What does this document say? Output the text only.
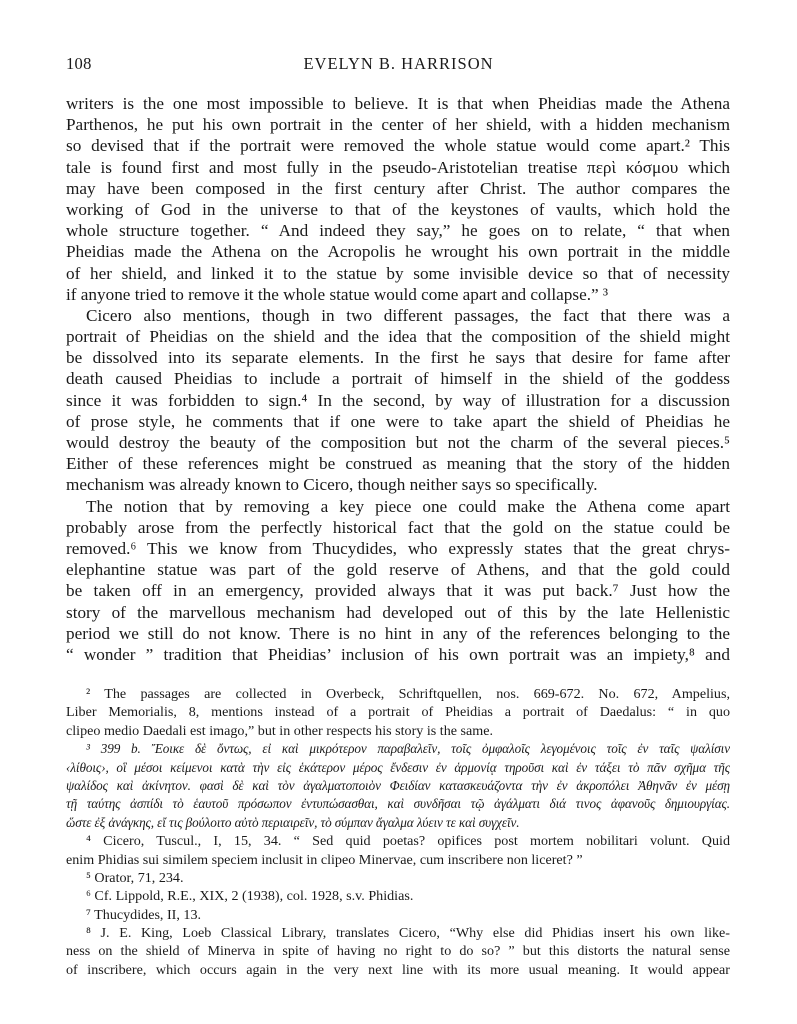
108	EVELYN B. HARRISON
writers is the one most impossible to believe. It is that when Pheidias made the Athena
Parthenos, he put his own portrait in the center of her shield, with a hidden mechanism
so devised that if the portrait were removed the whole statue would come apart.² This
tale is found first and most fully in the pseudo-Aristotelian treatise περὶ κόσμου which
may have been composed in the first century after Christ. The author compares the
working of God in the universe to that of the keystones of vaults, which hold the
whole structure together. “ And indeed they say,” he goes on to relate, “ that when
Pheidias made the Athena on the Acropolis he wrought his own portrait in the middle
of her shield, and linked it to the statue by some invisible device so that of necessity
if anyone tried to remove it the whole statue would come apart and collapse.” ³
Cicero also mentions, though in two different passages, the fact that there was a
portrait of Pheidias on the shield and the idea that the composition of the shield might
be dissolved into its separate elements. In the first he says that desire for fame after
death caused Pheidias to include a portrait of himself in the shield of the goddess
since it was forbidden to sign.⁴ In the second, by way of illustration for a discussion
of prose style, he comments that if one were to take apart the shield of Pheidias he
would destroy the beauty of the composition but not the charm of the several pieces.⁵
Either of these references might be construed as meaning that the story of the hidden
mechanism was already known to Cicero, though neither says so specifically.
The notion that by removing a key piece one could make the Athena come apart
probably arose from the perfectly historical fact that the gold on the statue could be
removed.⁶ This we know from Thucydides, who expressly states that the great chrys-
elephantine statue was part of the gold reserve of Athens, and that the gold could
be taken off in an emergency, provided always that it was put back.⁷ Just how the
story of the marvellous mechanism had developed out of this by the late Hellenistic
period we still do not know. There is no hint in any of the references belonging to the
“ wonder ” tradition that Pheidias’ inclusion of his own portrait was an impiety,⁸ and
² The passages are collected in Overbeck, Schriftquellen, nos. 669-672. No. 672, Ampelius,
Liber Memorialis, 8, mentions instead of a portrait of Pheidias a portrait of Daedalus: “ in quo
clipeo medio Daedali est imago,” but in other respects his story is the same.
³ 399 b. Ἔοικε δὲ ὄντως, εἰ καὶ μικρότερον παραβαλεῖν, τοῖς ὀμφαλοῖς λεγομένοις τοῖς ἐν ταῖς ψαλίσιν
‹λίθοις›, οἳ μέσοι κείμενοι κατὰ τὴν εἰς ἑκάτερον μέρος ἔνδεσιν ἐν ἁρμονίᾳ τηροῦσι καὶ ἐν τάξει τὸ πᾶν σχῆμα τῆς
ψαλίδος καὶ ἀκίνητον. φασὶ δὲ καὶ τὸν ἀγαλματοποιὸν Φειδίαν κατασκευάζοντα τὴν ἐν ἀκροπόλει Ἀθηνᾶν ἐν μέσῃ
τῇ ταύτης ἀσπίδι τὸ ἑαυτοῦ πρόσωπον ἐντυπώσασθαι, καὶ συνδῆσαι τῷ ἀγάλματι διά τινος ἀφανοῦς δημιουργίας.
ὥστε ἐξ ἀνάγκης, εἴ τις βούλοιτο αὐτὸ περιαιρεῖν, τὸ σύμπαν ἄγαλμα λύειν τε καὶ συγχεῖν.
⁴ Cicero, Tuscul., I, 15, 34. “ Sed quid poetas? opifices post mortem nobilitari volunt. Quid
enim Phidias sui similem speciem inclusit in clipeo Minervae, cum inscribere non liceret? ”
⁵ Orator, 71, 234.
⁶ Cf. Lippold, R.E., XIX, 2 (1938), col. 1928, s.v. Phidias.
⁷ Thucydides, II, 13.
⁸ J. E. King, Loeb Classical Library, translates Cicero, “Why else did Phidias insert his own like-
ness on the shield of Minerva in spite of having no right to do so? ” but this distorts the natural sense
of inscribere, which occurs again in the very next line with its more usual meaning. It would appear
